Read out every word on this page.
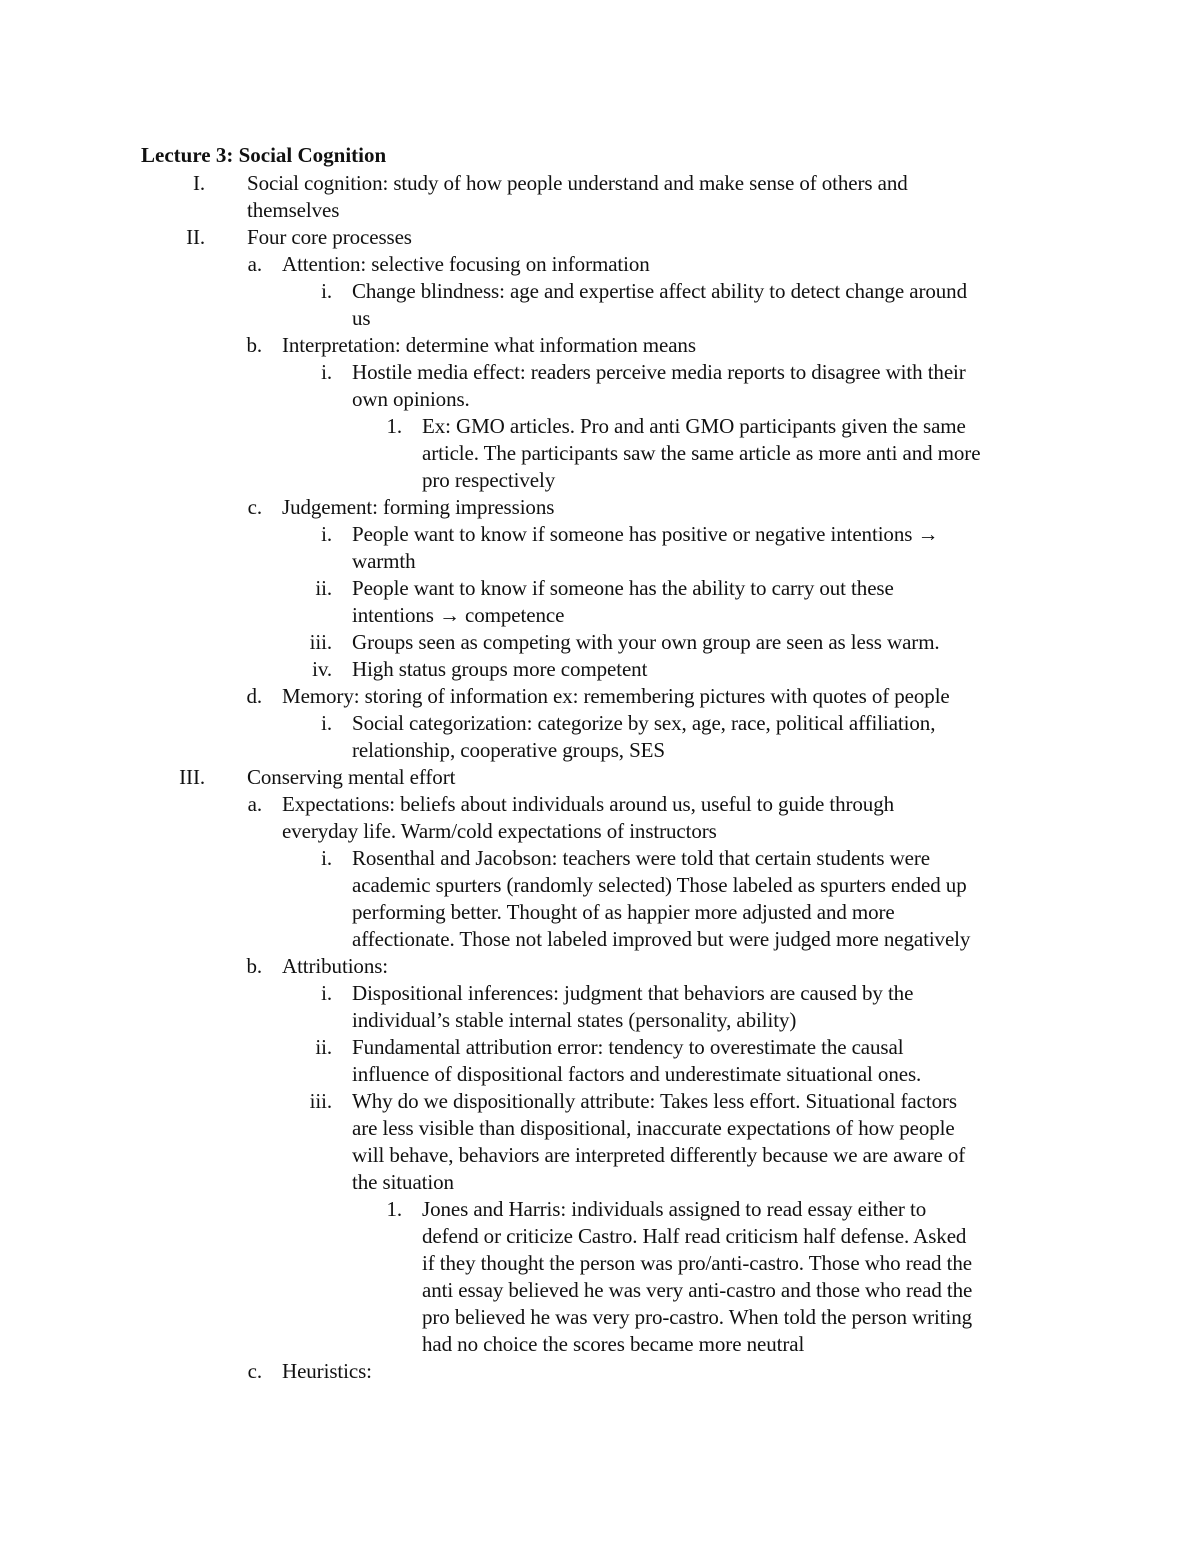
Lecture 3: Social Cognition
I. Social cognition: study of how people understand and make sense of others and
themselves
II. Four core processes
a. Attention: selective focusing on information
i. Change blindness: age and expertise affect ability to detect change around
us
b. Interpretation: determine what information means
i. Hostile media effect: readers perceive media reports to disagree with their
own opinions.
1. Ex: GMO articles. Pro and anti GMO participants given the same
article. The participants saw the same article as more anti and more
pro respectively
c. Judgement: forming impressions
i. People want to know if someone has positive or negative intentions →
warmth
ii. People want to know if someone has the ability to carry out these
intentions → competence
iii. Groups seen as competing with your own group are seen as less warm.
iv. High status groups more competent
d. Memory: storing of information ex: remembering pictures with quotes of people
i. Social categorization: categorize by sex, age, race, political affiliation,
relationship, cooperative groups, SES
III. Conserving mental effort
a. Expectations: beliefs about individuals around us, useful to guide through
everyday life. Warm/cold expectations of instructors
i. Rosenthal and Jacobson: teachers were told that certain students were
academic spurters (randomly selected) Those labeled as spurters ended up
performing better. Thought of as happier more adjusted and more
affectionate. Those not labeled improved but were judged more negatively
b. Attributions:
i. Dispositional inferences: judgment that behaviors are caused by the
individual’s stable internal states (personality, ability)
ii. Fundamental attribution error: tendency to overestimate the causal
influence of dispositional factors and underestimate situational ones.
iii. Why do we dispositionally attribute: Takes less effort. Situational factors
are less visible than dispositional, inaccurate expectations of how people
will behave, behaviors are interpreted differently because we are aware of
the situation
1. Jones and Harris: individuals assigned to read essay either to
defend or criticize Castro. Half read criticism half defense. Asked
if they thought the person was pro/anti-castro. Those who read the
anti essay believed he was very anti-castro and those who read the
pro believed he was very pro-castro. When told the person writing
had no choice the scores became more neutral
c. Heuristics:
